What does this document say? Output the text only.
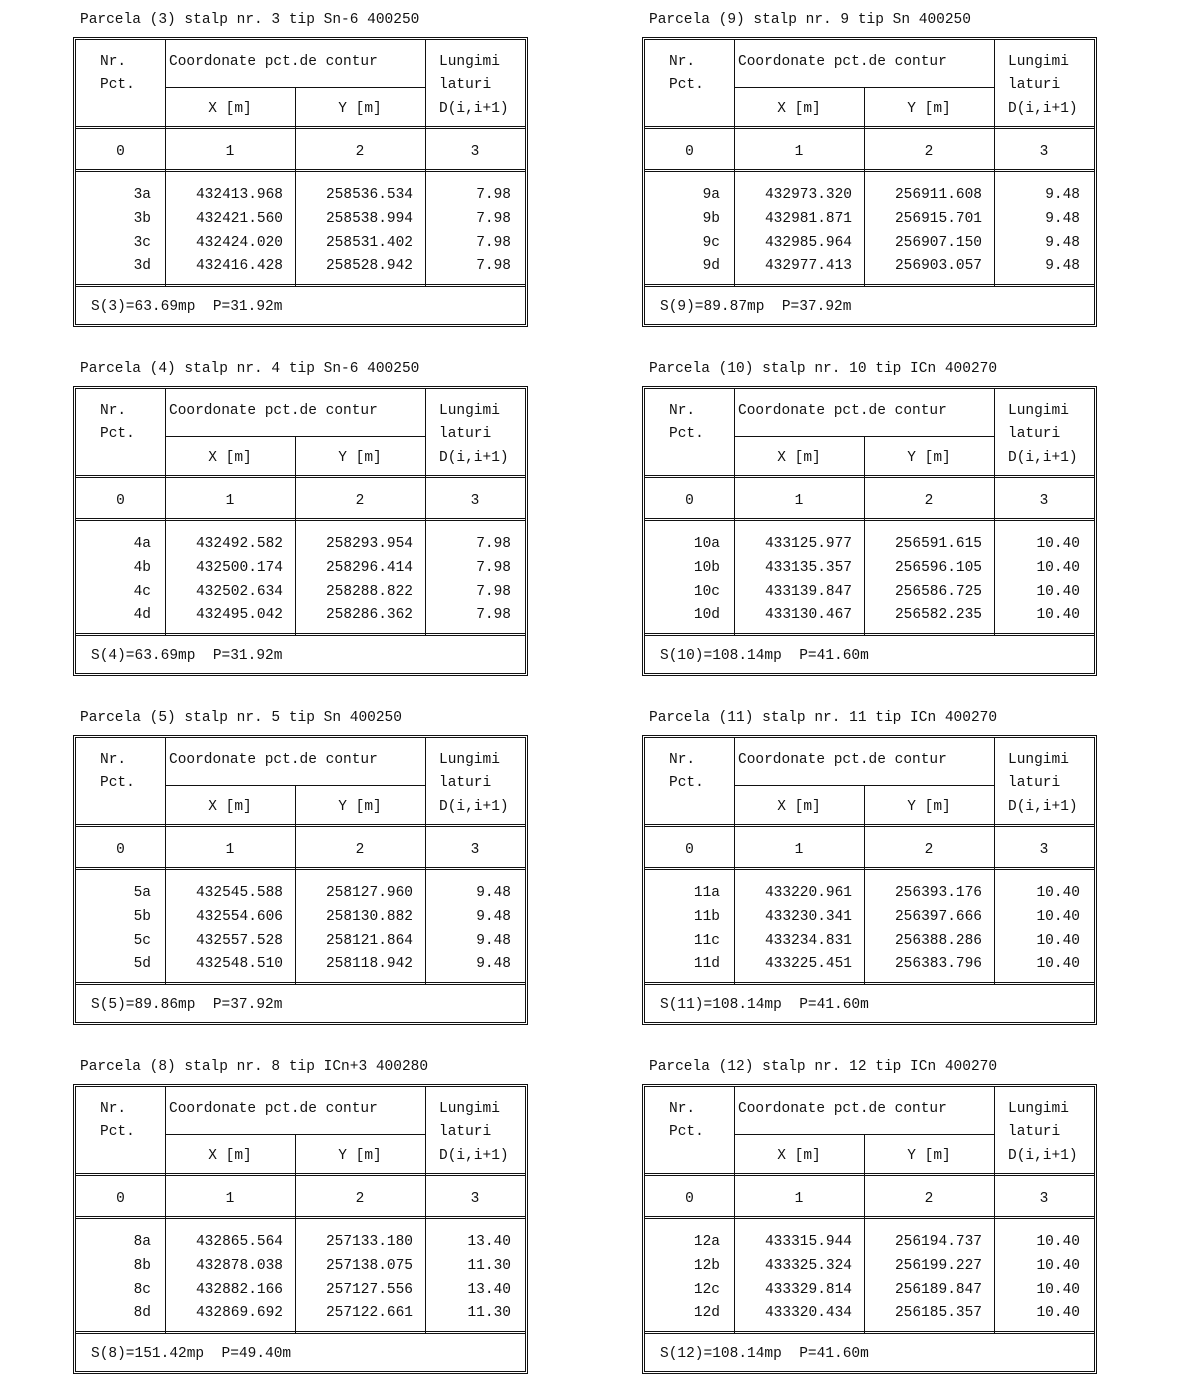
Parcela (3) stalp nr. 3 tip Sn-6 400250
Nr.
Pct.
Coordonate pct.de contur	Lungimi
laturi
X [m]	Y [m]	D(i,i+1)
0	1	2	3
3a	432413.968	258536.534	7.98
3b	432421.560	258538.994	7.98
3c	432424.020	258531.402	7.98
3d	432416.428	258528.942	7.98
S(3)=63.69mp  P=31.92m
Parcela (9) stalp nr. 9 tip Sn 400250
Nr.
Pct.
Coordonate pct.de contur	Lungimi
laturi
X [m]	Y [m]	D(i,i+1)
0	1	2	3
9a	432973.320	256911.608	9.48
9b	432981.871	256915.701	9.48
9c	432985.964	256907.150	9.48
9d	432977.413	256903.057	9.48
S(9)=89.87mp  P=37.92m
Parcela (4) stalp nr. 4 tip Sn-6 400250
Nr.
Pct.
Coordonate pct.de contur	Lungimi
laturi
X [m]	Y [m]	D(i,i+1)
0	1	2	3
4a	432492.582	258293.954	7.98
4b	432500.174	258296.414	7.98
4c	432502.634	258288.822	7.98
4d	432495.042	258286.362	7.98
S(4)=63.69mp  P=31.92m
Parcela (10) stalp nr. 10 tip ICn 400270
Nr.
Pct.
Coordonate pct.de contur	Lungimi
laturi
X [m]	Y [m]	D(i,i+1)
0	1	2	3
10a	433125.977	256591.615	10.40
10b	433135.357	256596.105	10.40
10c	433139.847	256586.725	10.40
10d	433130.467	256582.235	10.40
S(10)=108.14mp  P=41.60m
Parcela (5) stalp nr. 5 tip Sn 400250
Nr.
Pct.
Coordonate pct.de contur	Lungimi
laturi
X [m]	Y [m]	D(i,i+1)
0	1	2	3
5a	432545.588	258127.960	9.48
5b	432554.606	258130.882	9.48
5c	432557.528	258121.864	9.48
5d	432548.510	258118.942	9.48
S(5)=89.86mp  P=37.92m
Parcela (11) stalp nr. 11 tip ICn 400270
Nr.
Pct.
Coordonate pct.de contur	Lungimi
laturi
X [m]	Y [m]	D(i,i+1)
0	1	2	3
11a	433220.961	256393.176	10.40
11b	433230.341	256397.666	10.40
11c	433234.831	256388.286	10.40
11d	433225.451	256383.796	10.40
S(11)=108.14mp  P=41.60m
Parcela (8) stalp nr. 8 tip ICn+3 400280
Nr.
Pct.
Coordonate pct.de contur	Lungimi
laturi
X [m]	Y [m]	D(i,i+1)
0	1	2	3
8a	432865.564	257133.180	13.40
8b	432878.038	257138.075	11.30
8c	432882.166	257127.556	13.40
8d	432869.692	257122.661	11.30
S(8)=151.42mp  P=49.40m
Parcela (12) stalp nr. 12 tip ICn 400270
Nr.
Pct.
Coordonate pct.de contur	Lungimi
laturi
X [m]	Y [m]	D(i,i+1)
0	1	2	3
12a	433315.944	256194.737	10.40
12b	433325.324	256199.227	10.40
12c	433329.814	256189.847	10.40
12d	433320.434	256185.357	10.40
S(12)=108.14mp  P=41.60m
